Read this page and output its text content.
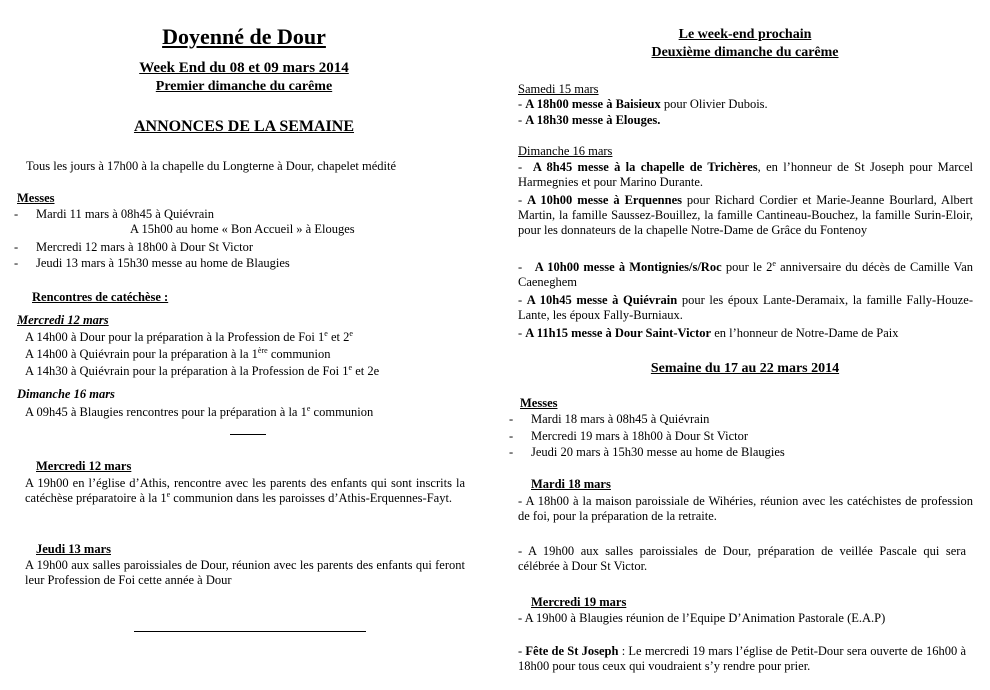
Doyenné de Dour
Week End du 08 et 09 mars 2014
Premier dimanche du carême
ANNONCES DE LA SEMAINE
Tous les jours à 17h00 à la chapelle du Longterne à Dour, chapelet médité
Messes
- Mardi 11 mars à 08h45 à Quiévrain
A 15h00 au home « Bon Accueil » à Elouges
- Mercredi 12 mars à 18h00 à Dour St Victor
- Jeudi 13 mars à 15h30 messe au home de Blaugies
Rencontres de catéchèse :
Mercredi 12 mars
A 14h00 à Dour pour la préparation à la Profession de Foi 1e et 2e
A 14h00 à Quiévrain pour la préparation à la 1ère communion
A 14h30 à Quiévrain pour la préparation à la Profession de Foi 1e et 2e
Dimanche 16 mars
A 09h45 à Blaugies rencontres pour la préparation à la 1e communion
Mercredi 12 mars
A 19h00 en l’église d’Athis, rencontre avec les parents des enfants qui sont inscrits la catéchèse préparatoire à la 1e communion dans les paroisses d’Athis-Erquennes-Fayt.
Jeudi 13 mars
A 19h00 aux salles paroissiales de Dour, réunion avec les parents des enfants qui feront leur Profession de Foi cette année à Dour
Le week-end prochain
Deuxième dimanche du carême
Samedi 15 mars
- A 18h00 messe à Baisieux pour Olivier Dubois.
- A 18h30 messe à Elouges.
Dimanche 16 mars
-  A 8h45 messe à la chapelle de Trichères, en l’honneur de St Joseph pour Marcel Harmegnies et pour Marino Durante.
- A 10h00 messe à Erquennes pour Richard Cordier et Marie-Jeanne Bourlard, Albert Martin, la famille Saussez-Bouillez, la famille Cantineau-Bouchez, la famille Surin-Eloir, pour les donnateurs de la chapelle Notre-Dame de Grâce du Fontenoy
-   A 10h00 messe à Montignies/s/Roc pour le 2e anniversaire du décès de Camille Van Caeneghem
- A 10h45 messe à Quiévrain pour les époux Lante-Deramaix, la famille Fally-Houze-Lante, les époux Fally-Burniaux.
- A 11h15 messe à Dour Saint-Victor en l’honneur de Notre-Dame de Paix
Semaine du 17 au 22 mars 2014
Messes
- Mardi 18 mars à 08h45 à Quiévrain
- Mercredi 19 mars à 18h00 à Dour St Victor
- Jeudi 20 mars à 15h30 messe au home de Blaugies
Mardi 18 mars
- A 18h00 à la maison paroissiale de Wihéries, réunion avec les catéchistes de profession de foi, pour la préparation de la retraite.
- A 19h00 aux salles paroissiales de Dour, préparation de veillée Pascale qui sera célébrée à Dour St Victor.
Mercredi 19 mars
- A 19h00 à Blaugies réunion de l’Equipe D’Animation Pastorale (E.A.P)
- Fête de St Joseph : Le mercredi 19 mars l’église de Petit-Dour sera ouverte de 16h00 à 18h00 pour tous ceux qui voudraient s’y rendre pour prier.
